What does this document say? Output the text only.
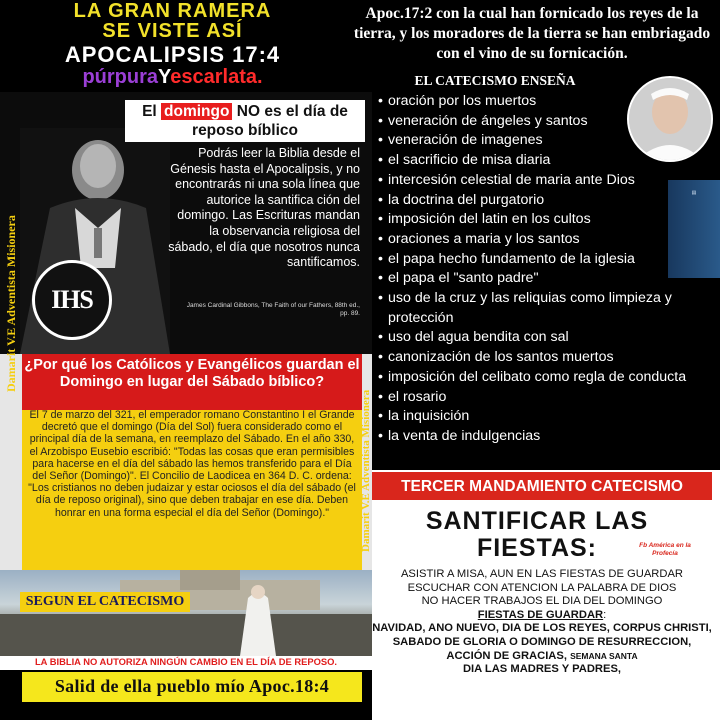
LA GRAN RAMERA
SE VISTE ASÍ
APOCALIPSIS 17:4
púrpuraYescarlata.
Apoc.17:2 con la cual han fornicado los reyes de la tierra, y los moradores de la tierra se han embriagado con el vino de su fornicación.
EL CATECISMO ENSEÑA
IHS
El domingo NO es el día de reposo bíblico
Podrás leer la Biblia desde el Génesis hasta el Apocalipsis, y no encontrarás ni una sola línea que autorice la santifica ción del domingo. Las Escrituras mandan la observancia religiosa del sábado, el día que nosotros nunca santificamos.
James Cardinal Gibbons, The Faith of our Fathers, 88th ed., pp. 89.
Damarit V.E Adventista Misionera ¿Por qué los Católicos y Evangélicos guardan el Domingo en lugar del Sábado bíblico?
El 7 de marzo del 321, el emperador romano Constantino I el Grande decretó que el domingo (Día del Sol) fuera considerado como el principal día de la semana, en reemplazo del Sábado. En el año 330, el Arzobispo Eusebio escribió: "Todas las cosas que eran permisibles para hacerse en el día del sábado las hemos transferido para el Día del Señor (Domingo)". El Concilio de Laodicea en 364 D. C. ordena: "Los cristianos no deben judaizar y estar ociosos el día del sábado (el día de reposo original), sino que deben trabajar en ese día. Deben honrar en una forma especial el día del Señor (Domingo)."	Damarit V.E Adventista Misionera
SEGUN EL CATECISMO
LA BIBLIA NO AUTORIZA NINGÚN CAMBIO EN EL DÍA DE REPOSO.
Salid de ella pueblo mío Apoc.18:4
▤
• oración por los muertos
• veneración de ángeles y santos
• veneración de imagenes
• el sacrificio de misa diaria
• intercesión celestial de maria ante Dios
• la doctrina del purgatorio
• imposición del latin en los cultos
• oraciones a maria y los santos
• el papa hecho fundamento de la iglesia
• el papa el "santo padre"
• uso de la cruz y las reliquias como limpieza y protección
• uso del agua bendita con sal
• canonización de los santos muertos
• imposición del celibato como regla de conducta
• el rosario
• la inquisición
• la venta de indulgencias
TERCER MANDAMIENTO CATECISMO
SANTIFICAR LAS FIESTAS:	Fb América en la Profecía
ASISTIR A MISA, AUN EN LAS FIESTAS DE GUARDAR
ESCUCHAR CON ATENCION LA PALABRA DE DIOS
NO HACER TRABAJOS EL DIA DEL DOMINGO
FIESTAS DE GUARDAR:
NAVIDAD, ANO NUEVO, DIA DE LOS REYES, CORPUS CHRISTI, SABADO DE GLORIA O DOMINGO DE RESURRECCION, ACCIÓN DE GRACIAS, SEMANA SANTA
DIA LAS MADRES Y PADRES,
